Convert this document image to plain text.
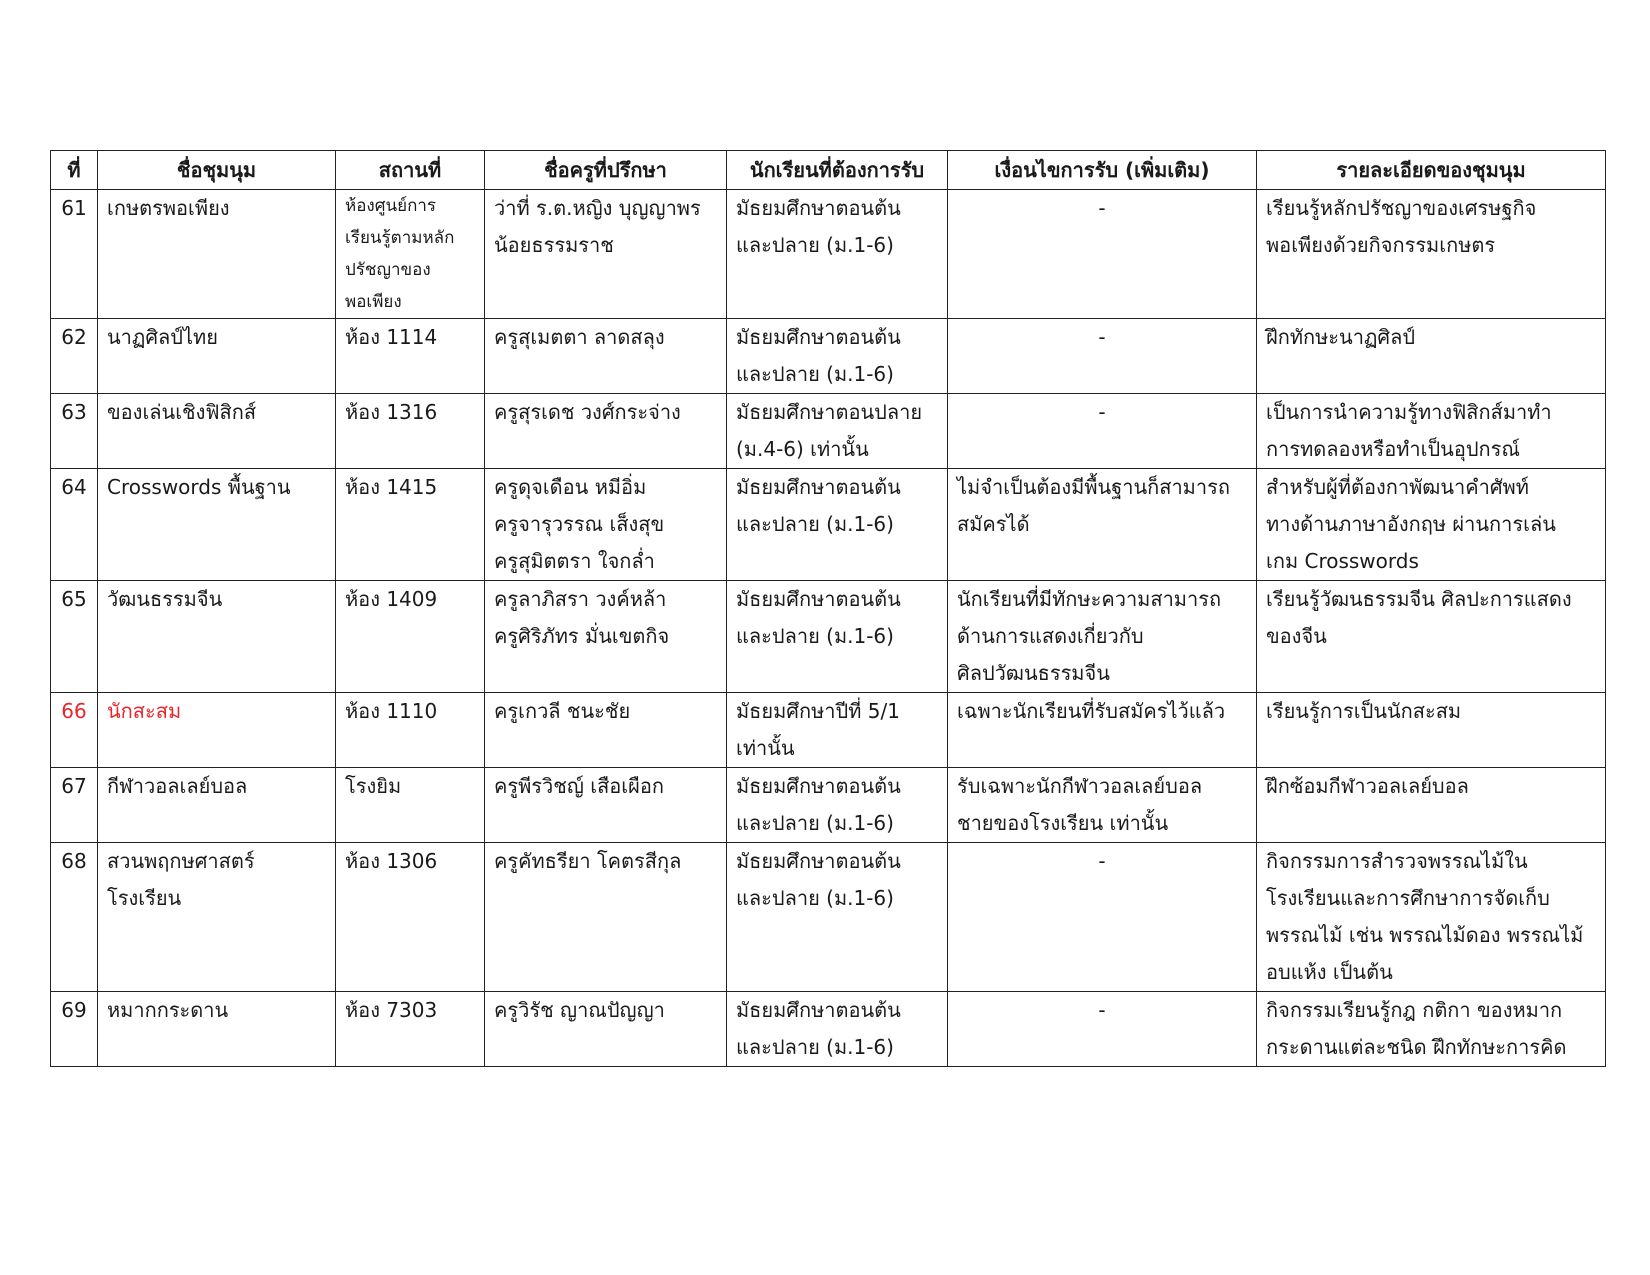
ที่	ชื่อชุมนุม	สถานที่	ชื่อครูที่ปรึกษา	นักเรียนที่ต้องการรับ	เงื่อนไขการรับ (เพิ่มเติม)	รายละเอียดของชุมนุม
61	เกษตรพอเพียง	ห้องศูนย์การ
เรียนรู้ตามหลัก
ปรัชญาของ
พอเพียง	ว่าที่ ร.ต.หญิง บุญญาพร
น้อยธรรมราช	มัธยมศึกษาตอนต้น
และปลาย (ม.1-6)	-	เรียนรู้หลักปรัชญาของเศรษฐกิจ
พอเพียงด้วยกิจกรรมเกษตร

62	นาฏศิลป์ไทย	ห้อง 1114	ครูสุเมตตา ลาดสลุง	มัธยมศึกษาตอนต้น
และปลาย (ม.1-6)	-	ฝึกทักษะนาฏศิลป์

63	ของเล่นเชิงฟิสิกส์	ห้อง 1316	ครูสุรเดช วงศ์กระจ่าง	มัธยมศึกษาตอนปลาย
(ม.4-6) เท่านั้น	-	เป็นการนำความรู้ทางฟิสิกส์มาทำ
การทดลองหรือทำเป็นอุปกรณ์

64	Crosswords พื้นฐาน	ห้อง 1415	ครูดุจเดือน หมีอิ่ม
ครูจารุวรรณ เส็งสุข
ครูสุมิตตรา ใจกล่ำ	มัธยมศึกษาตอนต้น
และปลาย (ม.1-6)	ไม่จำเป็นต้องมีพื้นฐานก็สามารถ
สมัครได้	สำหรับผู้ที่ต้องกาพัฒนาคำศัพท์
ทางด้านภาษาอังกฤษ ผ่านการเล่น
เกม Crosswords

65	วัฒนธรรมจีน	ห้อง 1409	ครูลาภิสรา วงค์หล้า
ครูศิริภัทร มั่นเขตกิจ	มัธยมศึกษาตอนต้น
และปลาย (ม.1-6)	นักเรียนที่มีทักษะความสามารถ
ด้านการแสดงเกี่ยวกับ
ศิลปวัฒนธรรมจีน	เรียนรู้วัฒนธรรมจีน ศิลปะการแสดง
ของจีน

66	นักสะสม	ห้อง 1110	ครูเกวลี ชนะชัย	มัธยมศึกษาปีที่ 5/1
เท่านั้น	เฉพาะนักเรียนที่รับสมัครไว้แล้ว	เรียนรู้การเป็นนักสะสม

67	กีฬาวอลเลย์บอล	โรงยิม	ครูพีรวิชญ์ เสือเผือก	มัธยมศึกษาตอนต้น
และปลาย (ม.1-6)	รับเฉพาะนักกีฬาวอลเลย์บอล
ชายของโรงเรียน เท่านั้น	ฝึกซ้อมกีฬาวอลเลย์บอล

68	สวนพฤกษศาสตร์
โรงเรียน	ห้อง 1306	ครูคัทธรียา โคตรสีกุล	มัธยมศึกษาตอนต้น
และปลาย (ม.1-6)	-	กิจกรรมการสำรวจพรรณไม้ใน
โรงเรียนและการศึกษาการจัดเก็บ
พรรณไม้ เช่น พรรณไม้ดอง พรรณไม้
อบแห้ง เป็นต้น

69	หมากกระดาน	ห้อง 7303	ครูวิรัช ญาณปัญญา	มัธยมศึกษาตอนต้น
และปลาย (ม.1-6)	-	กิจกรรมเรียนรู้กฎ กติกา ของหมาก
กระดานแต่ละชนิด ฝึกทักษะการคิด
